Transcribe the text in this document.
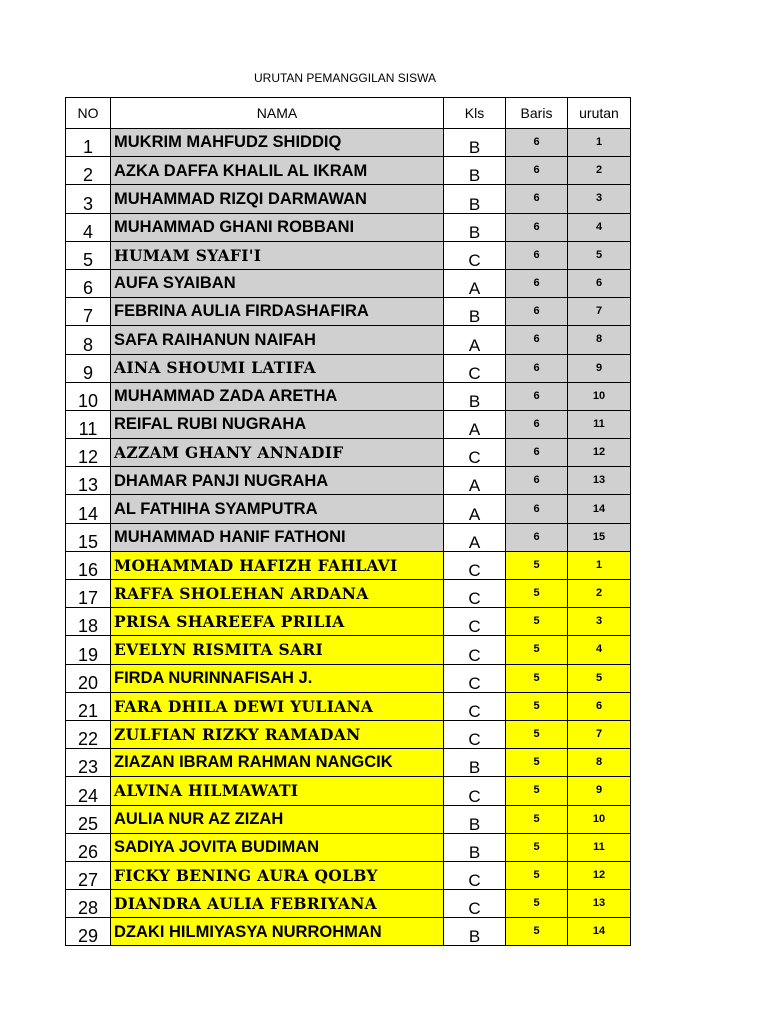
URUTAN PEMANGGILAN SISWA
NO	NAMA	Kls	Baris	urutan
1	MUKRIM MAHFUDZ SHIDDIQ	B	6	1
2	AZKA DAFFA KHALIL AL IKRAM	B	6	2
3	MUHAMMAD RIZQI DARMAWAN	B	6	3
4	MUHAMMAD GHANI ROBBANI	B	6	4
5	HUMAM SYAFI'I	C	6	5
6	AUFA SYAIBAN	A	6	6
7	FEBRINA AULIA FIRDASHAFIRA	B	6	7
8	SAFA RAIHANUN NAIFAH	A	6	8
9	AINA SHOUMI LATIFA	C	6	9
10	MUHAMMAD ZADA ARETHA	B	6	10
11	REIFAL RUBI NUGRAHA	A	6	11
12	AZZAM GHANY ANNADIF	C	6	12
13	DHAMAR PANJI NUGRAHA	A	6	13
14	AL FATHIHA SYAMPUTRA	A	6	14
15	MUHAMMAD HANIF FATHONI	A	6	15
16	MOHAMMAD HAFIZH FAHLAVI	C	5	1
17	RAFFA SHOLEHAN ARDANA	C	5	2
18	PRISA SHAREEFA PRILIA	C	5	3
19	EVELYN RISMITA SARI	C	5	4
20	FIRDA NURINNAFISAH J.	C	5	5
21	FARA DHILA DEWI YULIANA	C	5	6
22	ZULFIAN RIZKY RAMADAN	C	5	7
23	ZIAZAN IBRAM RAHMAN NANGCIK	B	5	8
24	ALVINA HILMAWATI	C	5	9
25	AULIA NUR AZ ZIZAH	B	5	10
26	SADIYA JOVITA BUDIMAN	B	5	11
27	FICKY BENING AURA QOLBY	C	5	12
28	DIANDRA AULIA FEBRIYANA	C	5	13
29	DZAKI HILMIYASYA NURROHMAN	B	5	14
